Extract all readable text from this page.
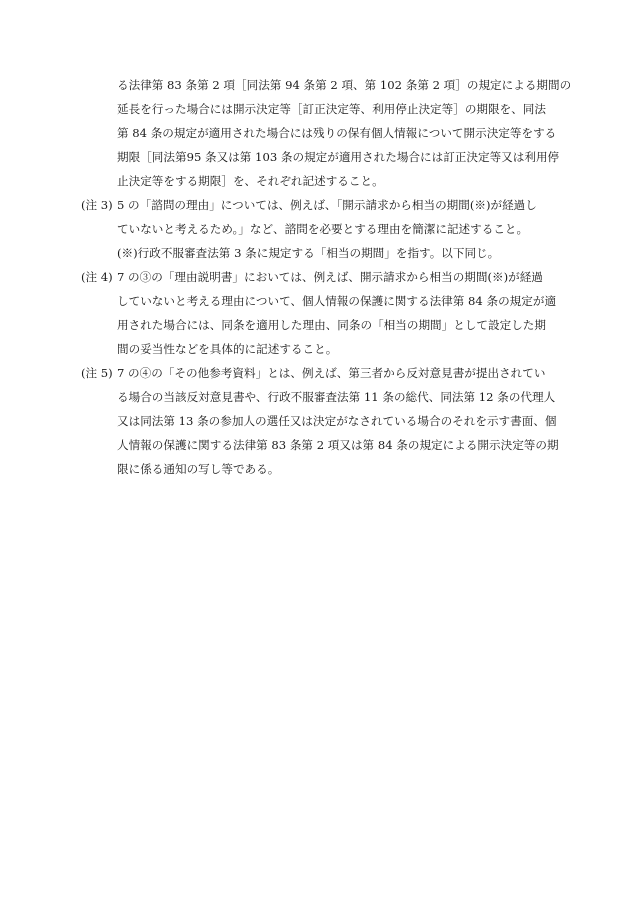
る法律第 83 条第 2 項［同法第 94 条第 2 項、第 102 条第 2 項］の規定による期間の
延長を行った場合には開示決定等［訂正決定等、利用停止決定等］の期限を、同法
第 84 条の規定が適用された場合には残りの保有個人情報について開示決定等をする
期限［同法第95 条又は第 103 条の規定が適用された場合には訂正決定等又は利用停
止決定等をする期限］を、それぞれ記述すること。
(注 3) 5 の「諮問の理由」については、例えば、「開示請求から相当の期間(※)が経過し
ていないと考えるため。」など、諮問を必要とする理由を簡潔に記述すること。
(※)行政不服審査法第 3 条に規定する「相当の期間」を指す。以下同じ。
(注 4) 7 の③の「理由説明書」においては、例えば、開示請求から相当の期間(※)が経過
していないと考える理由について、個人情報の保護に関する法律第 84 条の規定が適
用された場合には、同条を適用した理由、同条の「相当の期間」として設定した期
間の妥当性などを具体的に記述すること。
(注 5) 7 の④の「その他参考資料」とは、例えば、第三者から反対意見書が提出されてい
る場合の当該反対意見書や、行政不服審査法第 11 条の総代、同法第 12 条の代理人
又は同法第 13 条の参加人の選任又は決定がなされている場合のそれを示す書面、個
人情報の保護に関する法律第 83 条第 2 項又は第 84 条の規定による開示決定等の期
限に係る通知の写し等である。
